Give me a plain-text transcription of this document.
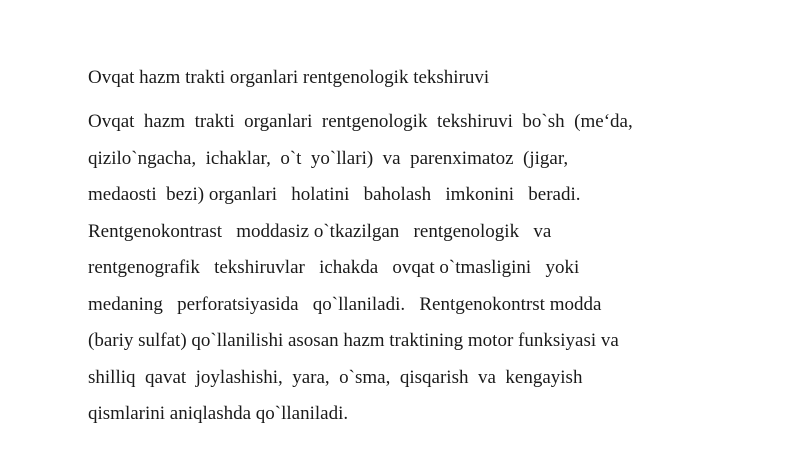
Ovqat hazm trakti organlari rentgenologik tekshiruvi
Ovqat  hazm  trakti  organlari  rentgenologik  tekshiruvi  bo`sh  (me‘da,
qizilo`ngacha,  ichaklar,  o`t  yo`llari)  va  parenximatoz  (jigar,
medaosti  bezi) organlari   holatini   baholash   imkonini   beradi.
Rentgenokontrast   moddasiz o`tkazilgan   rentgenologik   va
rentgenografik   tekshiruvlar   ichakda   ovqat o`tmasligini   yoki
medaning   perforatsiyasida   qo`llaniladi.   Rentgenokontrst modda
(bariy sulfat) qo`llanilishi asosan hazm traktining motor funksiyasi va
shilliq  qavat  joylashishi,  yara,  o`sma,  qisqarish  va  kengayish
qismlarini aniqlashda qo`llaniladi.
